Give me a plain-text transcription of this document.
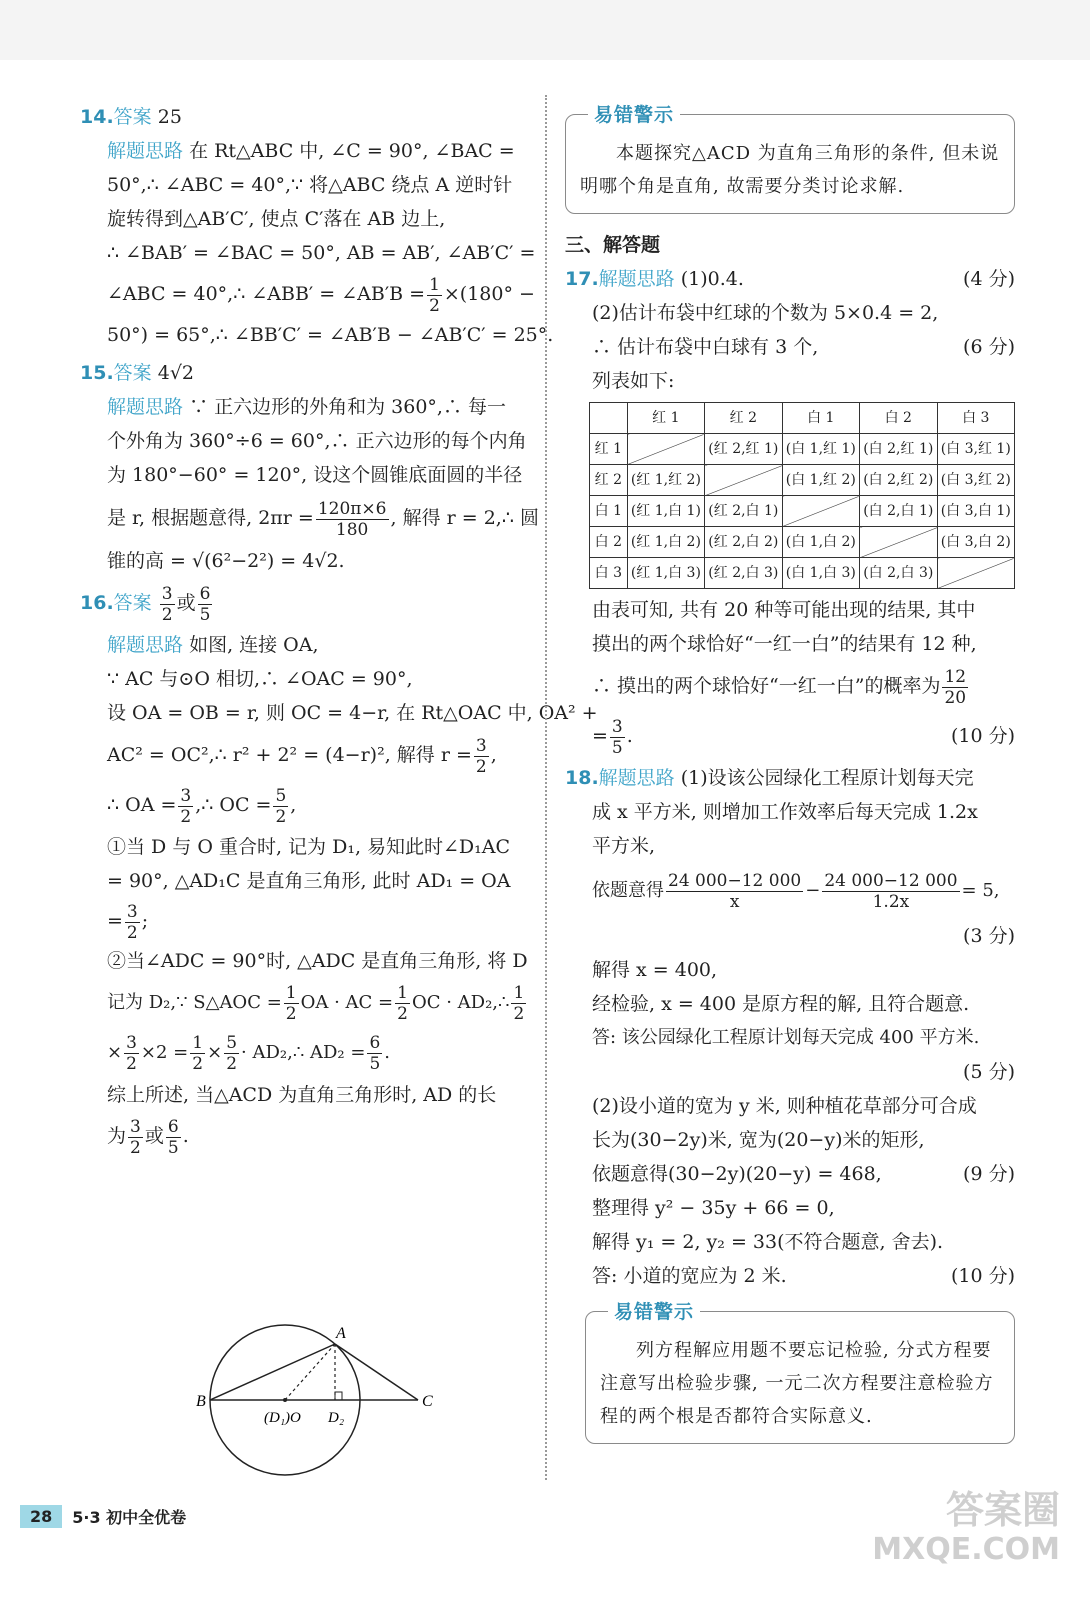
14.答案 25
解题思路 在 Rt△ABC 中, ∠C = 90°, ∠BAC =
50°,∴ ∠ABC = 40°,∵ 将△ABC 绕点 A 逆时针
旋转得到△AB′C′, 使点 C′落在 AB 边上,
∴ ∠BAB′ = ∠BAC = 50°, AB = AB′, ∠AB′C′ =
∠ABC = 40°,∴ ∠ABB′ = ∠AB′B = $\frac{1}{2} \times(180^\circ$ −
50°) = 65°,∴ ∠BB′C′ = ∠AB′B − ∠AB′C′ = 25°.
15.答案 4√2
解题思路 ∵ 正六边形的外角和为 360°,∴ 每一
个外角为 360°÷6 = 60°,∴ 正六边形的每个内角
为 180°−60° = 120°, 设这个圆锥底面圆的半径
是 r, 根据题意得, $2\pi r = \frac{120\pi\times 6}{180}$ , 解得 r = 2,∴ 圆
锥的高 = √(6²−2²) = 4√2.
16.答案 $\frac{3}{2}$ 或 $\frac{6}{5}$
解题思路 如图, 连接 OA,
∵ AC 与⊙O 相切,∴ ∠OAC = 90°,
设 OA = OB = r, 则 OC = 4−r, 在 Rt△OAC 中, OA² +
AC² = OC²,∴ r² + 2² = (4−r)², 解得 $r = \frac{3}{2}$ ,
∴ OA = $\frac{3}{2}$ ,∴ OC = $\frac{5}{2}$ ,
①当 D 与 O 重合时, 记为 D₁, 易知此时∠D₁AC
= 90°, △AD₁C 是直角三角形, 此时 AD₁ = OA
= $\frac{3}{2}$ ;
②当∠ADC = 90°时, △ADC 是直角三角形, 将 D
记为 D₂,∵ S△AOC = $\frac{1}{2}$ OA · AC = $\frac{1}{2}$ OC · AD₂,∴ $\frac{1}{2}$
× $\frac{3}{2} \times 2 = \frac{1}{2} \times \frac{5}{2}$ · AD₂,∴ $AD_2 = \frac{6}{5}$ .
综上所述, 当△ACD 为直角三角形时, AD 的长
为 $\frac{3}{2}$ 或 $\frac{6}{5}$ .
A
B	C
(D₁)O D₂
易错警示
本题探究△ACD 为直角三角形的条件, 但未说明哪个角是直角, 故需要分类讨论求解.
三、解答题
17.解题思路 (1)0.4.	(4 分)
(2)估计布袋中红球的个数为 5×0.4 = 2,
∴ 估计布袋中白球有 3 个,	(6 分)
列表如下:
	红 1	红 2	白 1	白 2	白 3
红 1		(红 2,红 1)	(白 1,红 1)	(白 2,红 1)	(白 3,红 1)
红 2	(红 1,红 2)		(白 1,红 2)	(白 2,红 2)	(白 3,红 2)
白 1	(红 1,白 1)	(红 2,白 1)		(白 2,白 1)	(白 3,白 1)
白 2	(红 1,白 2)	(红 2,白 2)	(白 1,白 2)		(白 3,白 2)
白 3	(红 1,白 3)	(红 2,白 3)	(白 1,白 3)	(白 2,白 3)	
由表可知, 共有 20 种等可能出现的结果, 其中
摸出的两个球恰好“一红一白”的结果有 12 种,
∴ 摸出的两个球恰好“一红一白”的概率为 $\frac{12}{20}$
= $\frac{3}{5}$ .	(10 分)
18.解题思路 (1)设该公园绿化工程原计划每天完
成 x 平方米, 则增加工作效率后每天完成 1.2x
平方米,
依题意得 $\frac{24 000-12 000}{x} - \frac{24 000-12 000}{1.2x} = 5$,
(3 分)

解得 x = 400,
经检验, x = 400 是原方程的解, 且符合题意.
答: 该公园绿化工程原计划每天完成 400 平方米.
(5 分)

(2)设小道的宽为 y 米, 则种植花草部分可合成
长为(30−2y)米, 宽为(20−y)米的矩形,
依题意得(30−2y)(20−y) = 468,	(9 分)
整理得 y² − 35y + 66 = 0,
解得 y₁ = 2, y₂ = 33(不符合题意, 舍去).
答: 小道的宽应为 2 米.	(10 分)
易错警示
列方程解应用题不要忘记检验, 分式方程要注意写出检验步骤, 一元二次方程要注意检验方程的两个根是否都符合实际意义.
28	5·3 初中全优卷	答案圈
MXQE.COM
